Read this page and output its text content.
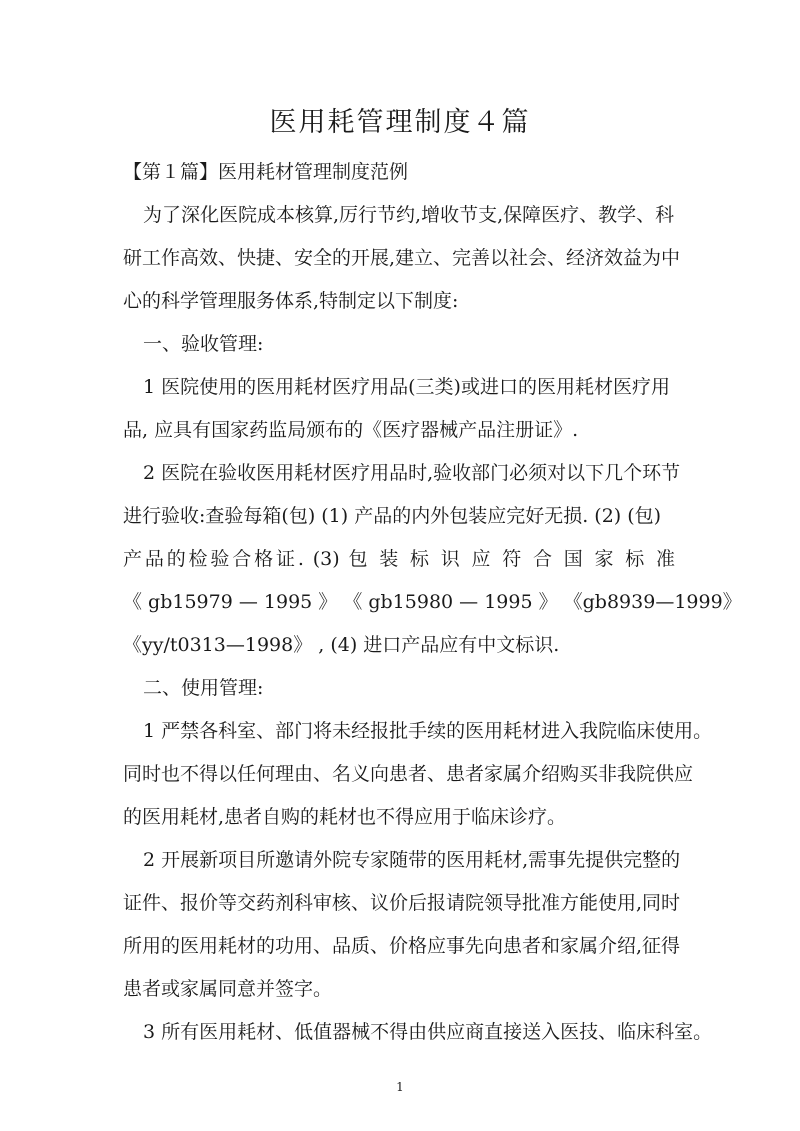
医用耗管理制度４篇

【第１篇】医用耗材管理制度范例

为了深化医院成本核算,厉行节约,增收节支,保障医疗、教学、科

研工作高效、快捷、安全的开展,建立、完善以社会、经济效益为中

心的科学管理服务体系,特制定以下制度:

一、验收管理:

1 医院使用的医用耗材医疗用品(三类)或进口的医用耗材医疗用

品, 应具有国家药监局颁布的《医疗器械产品注册证》.

2 医院在验收医用耗材医疗用品时,验收部门必须对以下几个环节

进行验收:查验每箱(包) (1) 产品的内外包装应完好无损. (2) (包)

产品的检验合格证. (3) 包 装 标 识 应 符 合 国 家 标 准

《 gb15979 — 1995 》 《 gb15980 — 1995 》 《gb8939—1999》

《yy/t0313—1998》 , (4) 进口产品应有中文标识.

二、使用管理:

1 严禁各科室、部门将未经报批手续的医用耗材进入我院临床使用。

同时也不得以任何理由、名义向患者、患者家属介绍购买非我院供应

的医用耗材,患者自购的耗材也不得应用于临床诊疗。

2 开展新项目所邀请外院专家随带的医用耗材,需事先提供完整的

证件、报价等交药剂科审核、议价后报请院领导批准方能使用,同时

所用的医用耗材的功用、品质、价格应事先向患者和家属介绍,征得

患者或家属同意并签字。

3 所有医用耗材、低值器械不得由供应商直接送入医技、临床科室。

1
